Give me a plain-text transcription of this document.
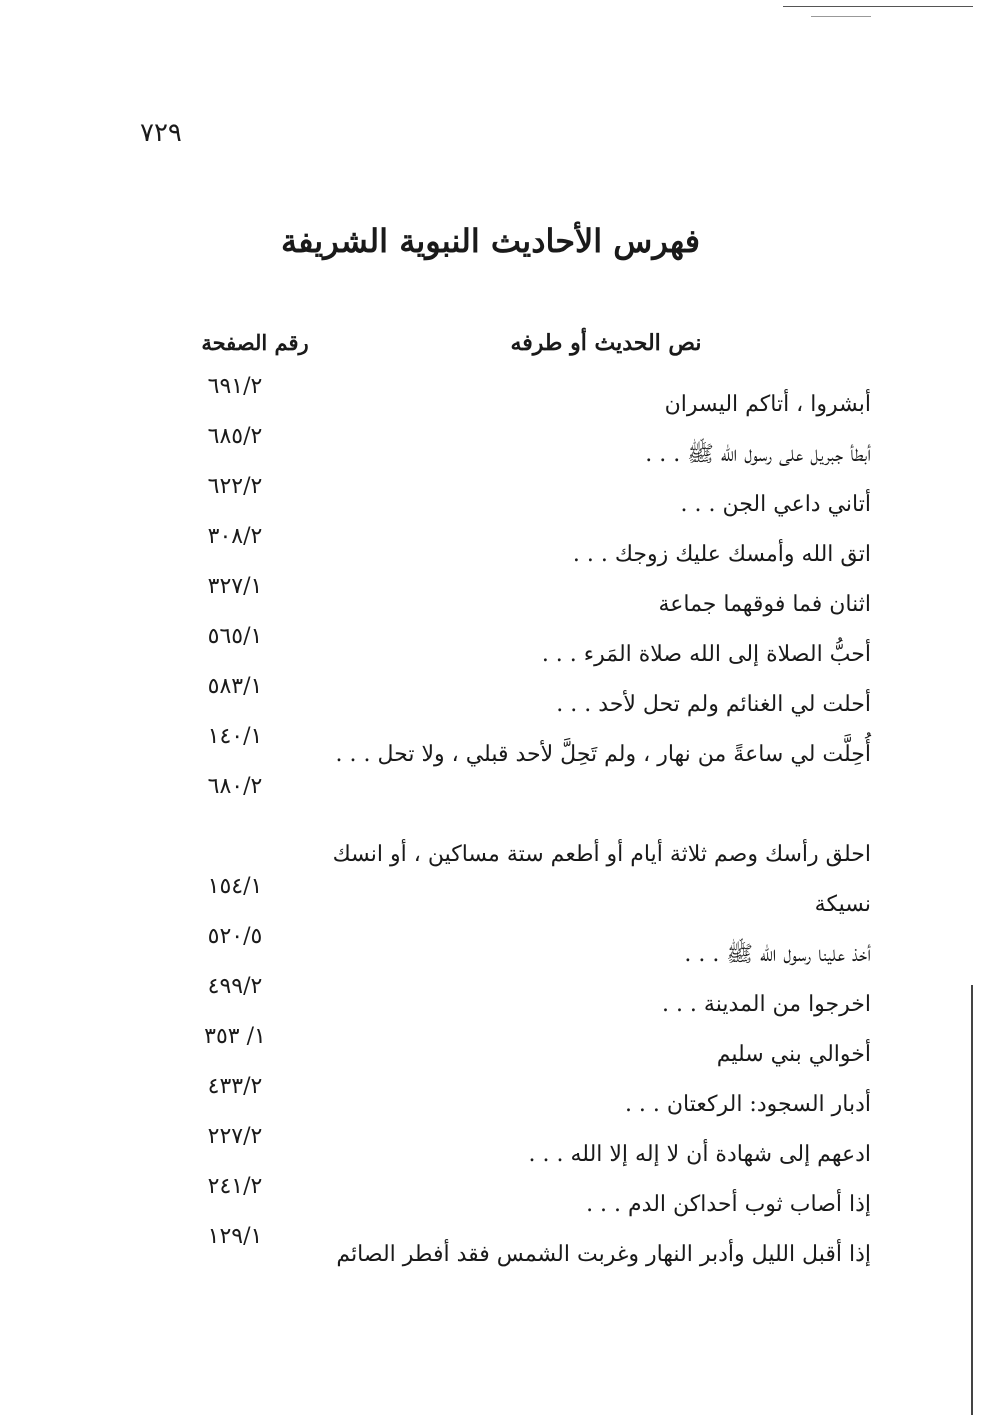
٧٢٩
فهرس الأحاديث النبوية الشريفة
نص الحديث أو طرفه
رقم الصفحة
أبشروا ، أتاكم اليسران
٦٩١/٢
أبطأ جبريل على رسول الله ﷺ . . .
٦٨٥/٢
أتاني داعي الجن . . .
٦٢٢/٢
اتق الله وأمسك عليك زوجك . . .
٣٠٨/٢
اثنان فما فوقهما جماعة
٣٢٧/١
أحبُّ الصلاة إلى الله صلاة المَرء . . .
٥٦٥/١
أحلت لي الغنائم ولم تحل لأحد . . .
٥٨٣/١
أُحِلَّت لي ساعةً من نهار ، ولم تَحِلَّ لأحد قبلي ، ولا تحل . . .
١٤٠/١
٦٨٠/٢
احلق رأسك وصم ثلاثة أيام أو أطعم ستة مساكين ، أو انسك
نسيكة
١٥٤/١
أخذ علينا رسول الله ﷺ . . .
٥٢٠/٥
اخرجوا من المدينة . . .
٤٩٩/٢
أخوالي بني سليم
١/ ٣٥٣
أدبار السجود: الركعتان . . .
٤٣٣/٢
ادعهم إلى شهادة أن لا إله إلا الله . . .
٢٢٧/٢
إذا أصاب ثوب أحداكن الدم . . .
٢٤١/٢
إذا أقبل الليل وأدبر النهار وغربت الشمس فقد أفطر الصائم
١٢٩/١
